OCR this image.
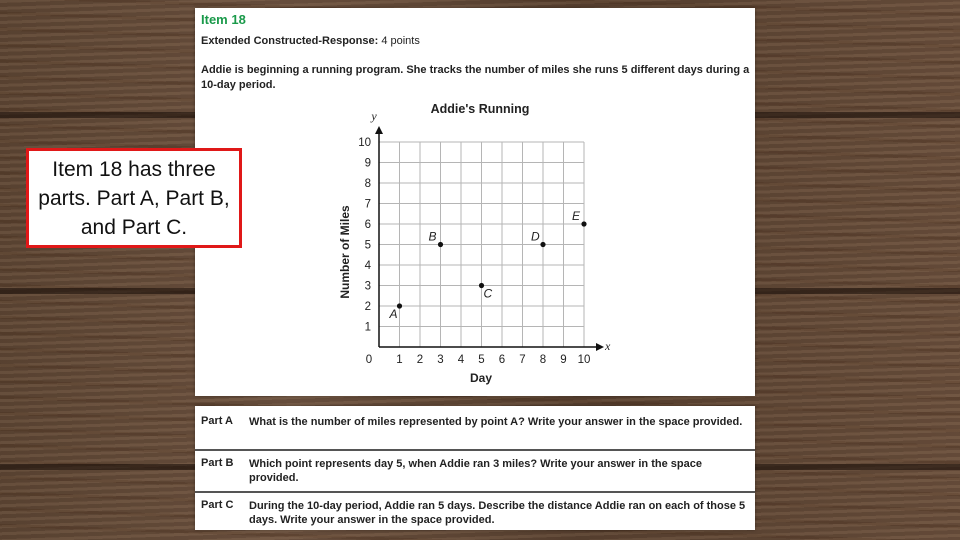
Item 18
Extended Constructed-Response: 4 points
Addie is beginning a running program. She tracks the number of miles she runs 5 different days during a 10-day period.
1 2 3 4 5 6 7 8 9 10
1
2
3
4
5
6
7
8
9
10
A
B
C
D
E
Addie's Running
Day
Number of Miles
x
y
0
Part A	What is the number of miles represented by point A? Write your answer in the space provided.
Part B	Which point represents day 5, when Addie ran 3 miles? Write your answer in the space provided.
Part C	During the 10-day period, Addie ran 5 days. Describe the distance Addie ran on each of those 5 days. Write your answer in the space provided.
Item 18 has three parts. Part A, Part B, and Part C.
